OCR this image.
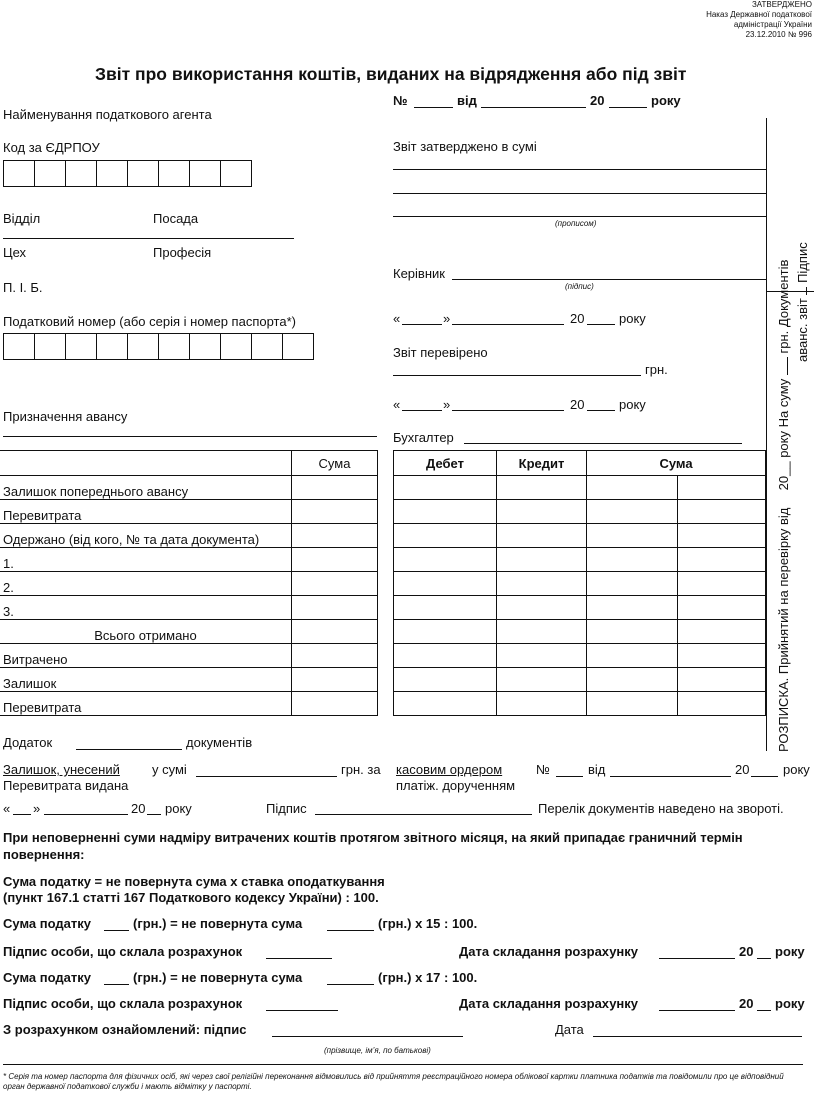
ЗАТВЕРДЖЕНО
Наказ Державної податкової
адміністрації України
23.12.2010 № 996
Звіт про використання коштів, виданих на відрядження або під звіт
№	від	20	року
Найменування податкового агента
Код за ЄДРПОУ
Відділ	Посада
Цех	Професія
П. І. Б.
Податковий номер (або серія і номер паспорта*)
Призначення авансу
Звіт затверджено в сумі
(прописом)
Керівник
(підпис)
«	»	20	року
Звіт перевірено
грн.
«	»	20	року
Бухгалтер
	Сума
Залишок попереднього авансу	
Перевитрата	
Одержано (від кого, № та дата документа)	
1.	
2.	
3.	
Всього отримано	
Витрачено	
Залишок	
Перевитрата	
Дебет	Кредит	Сума	

РОЗПИСКА. Прийнятий на перевірку від  20__ року На суму  грн. Документів аванс. звіт  Підпис
Додаток	документів
Залишок, унесений
Перевитрата видана
у сумі	грн. за касовим ордером
платіж. дорученням
№	від	20	року
« »	20 року	Підпис	Перелік документів наведено на звороті.
При неповерненні суми надміру витрачених коштів протягом звітного місяця, на який припадає граничний термін повернення:
Сума податку = не повернута сума х ставка оподаткування
(пункт 167.1 статті 167 Податкового кодексу України) : 100.
Сума податку	(грн.) = не повернута сума	(грн.) х 15 : 100.
Підпис особи, що склала розрахунок	Дата складання розрахунку	20 року
Сума податку	(грн.) = не повернута сума	(грн.) х 17 : 100.
Підпис особи, що склала розрахунок	Дата складання розрахунку	20 року
З розрахунком ознайомлений: підпис
(прізвище, ім’я, по батькові)
Дата
* Серія та номер паспорта для фізичних осіб, які через свої релігійні переконання відмовились від прийняття реєстраційного номера облікової картки платника податків та повідомили про це відповідний орган державної податкової служби і мають відмітку у паспорті.
